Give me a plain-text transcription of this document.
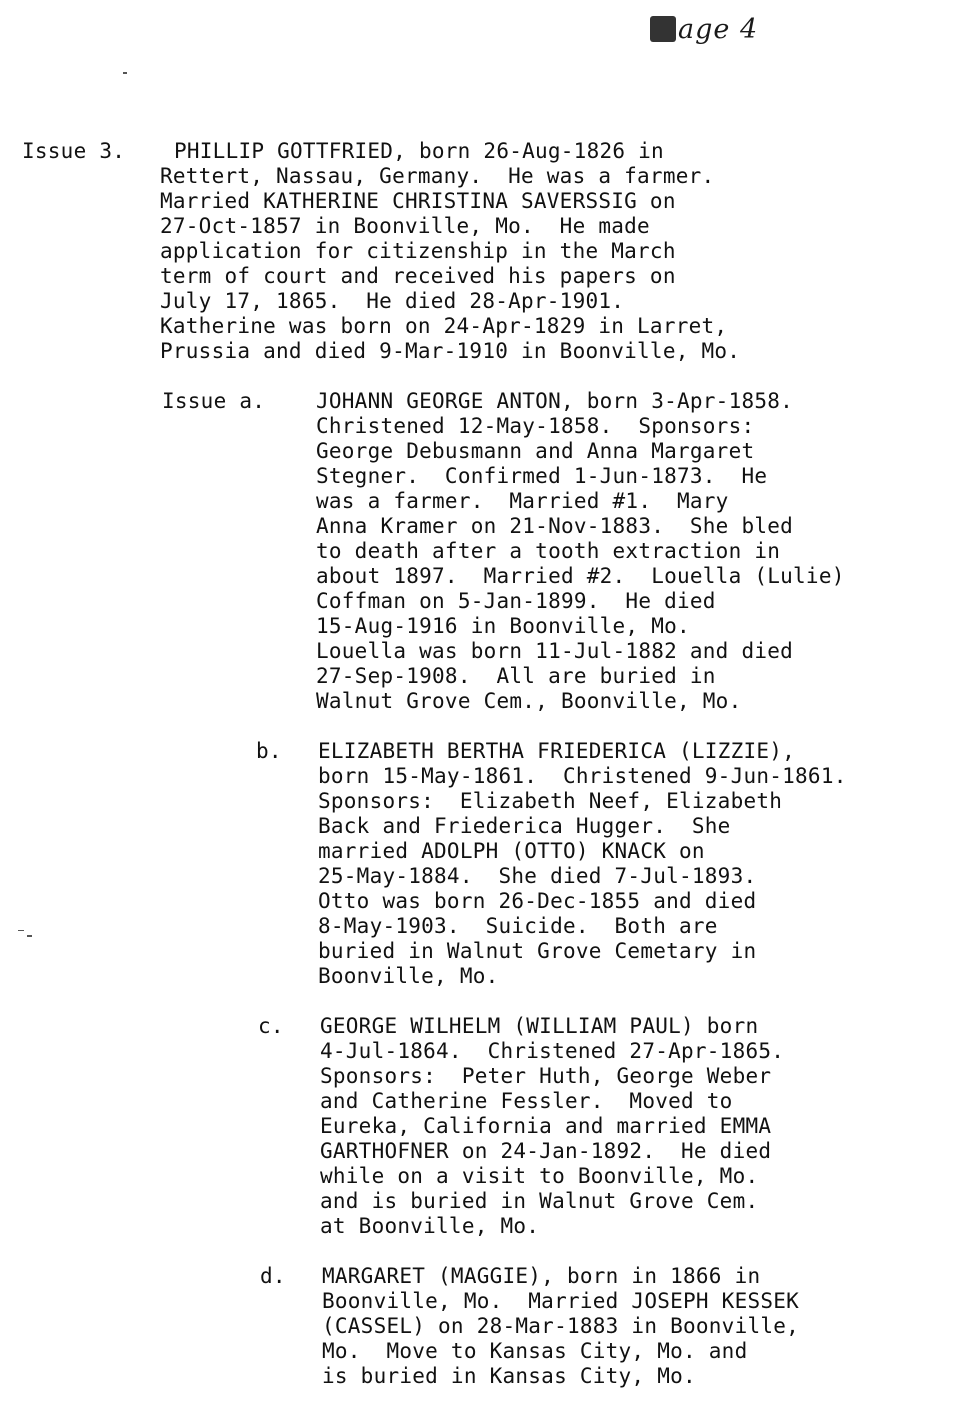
age 4
Issue 3. PHILLIP GOTTFRIED, born 26-Aug-1826 in
Rettert, Nassau, Germany.  He was a farmer.
Married KATHERINE CHRISTINA SAVERSSIG on
27-Oct-1857 in Boonville, Mo.  He made
application for citizenship in the March
term of court and received his papers on
July 17, 1865.  He died 28-Apr-1901.
Katherine was born on 24-Apr-1829 in Larret,
Prussia and died 9-Mar-1910 in Boonville, Mo.
Issue a. JOHANN GEORGE ANTON, born 3-Apr-1858.
Christened 12-May-1858.  Sponsors:
George Debusmann and Anna Margaret
Stegner.  Confirmed 1-Jun-1873.  He
was a farmer.  Married #1.  Mary
Anna Kramer on 21-Nov-1883.  She bled
to death after a tooth extraction in
about 1897.  Married #2.  Louella (Lulie)
Coffman on 5-Jan-1899.  He died
15-Aug-1916 in Boonville, Mo.
Louella was born 11-Jul-1882 and died
27-Sep-1908.  All are buried in
Walnut Grove Cem., Boonville, Mo.
b. ELIZABETH BERTHA FRIEDERICA (LIZZIE),
born 15-May-1861.  Christened 9-Jun-1861.
Sponsors:  Elizabeth Neef, Elizabeth
Back and Friederica Hugger.  She
married ADOLPH (OTTO) KNACK on
25-May-1884.  She died 7-Jul-1893.
Otto was born 26-Dec-1855 and died
8-May-1903.  Suicide.  Both are
buried in Walnut Grove Cemetary in
Boonville, Mo.
c. GEORGE WILHELM (WILLIAM PAUL) born
4-Jul-1864.  Christened 27-Apr-1865.
Sponsors:  Peter Huth, George Weber
and Catherine Fessler.  Moved to
Eureka, California and married EMMA
GARTHOFNER on 24-Jan-1892.  He died
while on a visit to Boonville, Mo.
and is buried in Walnut Grove Cem.
at Boonville, Mo.
d. MARGARET (MAGGIE), born in 1866 in
Boonville, Mo.  Married JOSEPH KESSEK
(CASSEL) on 28-Mar-1883 in Boonville,
Mo.  Move to Kansas City, Mo. and
is buried in Kansas City, Mo.
